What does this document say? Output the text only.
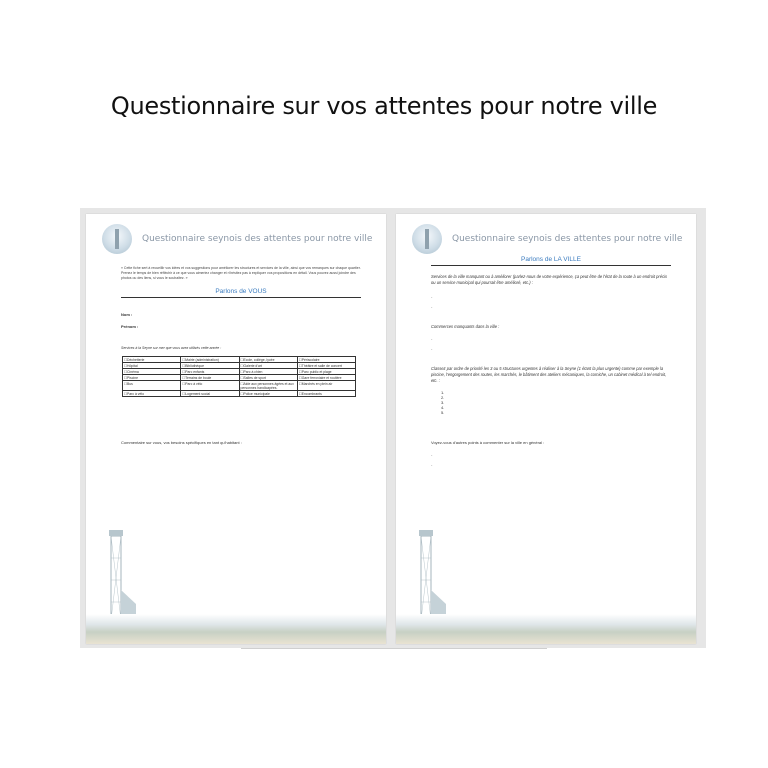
Questionnaire sur vos attentes pour notre ville
Questionnaire seynois des attentes pour notre ville
« Cette fiche sert à recueillir vos idées et vos suggestions pour améliorer les structures et services de la ville, ainsi que vos remarques sur chaque quartier. Prenez le temps de bien réfléchir à ce que vous aimeriez changer et n'hésitez pas à expliquer vos propositions en détail. Vous pouvez aussi joindre des photos ou des liens, si vous le souhaitez. »
Parlons de VOUS
Nom :
Prénom :
Services à la Seyne sur mer que vous avez utilisés cette année :
☐Déchetterie	☐Mairie (administration)	☐Ecole, collège, lycée	☐Périscolaire
☐Hôpital	☐Bibliothèque	☐Galerie d'art	☐Théâtre et salle de concert
☐Cinéma	☐Parc enfants	☐Parc à chien	☐Parc public et plage
☐Piscine	☐Terrains de boule	☐Salles de sport	☐Gare ferroviaire et routière
☐Bus	☐Parc à vélo	☐Aide aux personnes âgées et aux personnes handicapées.	☐Marchés en plein air
☐Parc à vélo	☐Logement social	☐Police municipale	☐Encombrants
Commentaire sur vous, vos besoins spécifiques en tant qu'habitant :
Questionnaire seynois des attentes pour notre ville
Parlons de LA VILLE
Services de la ville manquant ou à améliorer (parlez-nous de votre expérience, ça peut être de l'état de la route à un endroit précis ou un service municipal qui pourrait être amélioré, etc.) :
-
-
Commerces manquants dans la ville :
-
-
Classez par ordre de priorité les 3 ou 5 structures urgentes à réaliser à la Seyne (1 étant la plus urgente) comme par exemple la piscine, l'engorgement des routes, les marchés, le bâtiment des ateliers mécaniques, la corniche, un cabinet médical à tel endroit, etc. :
1.
2.
3.
4.
5.
Voyez-vous d'autres points à commenter sur la ville en général :
-
-
